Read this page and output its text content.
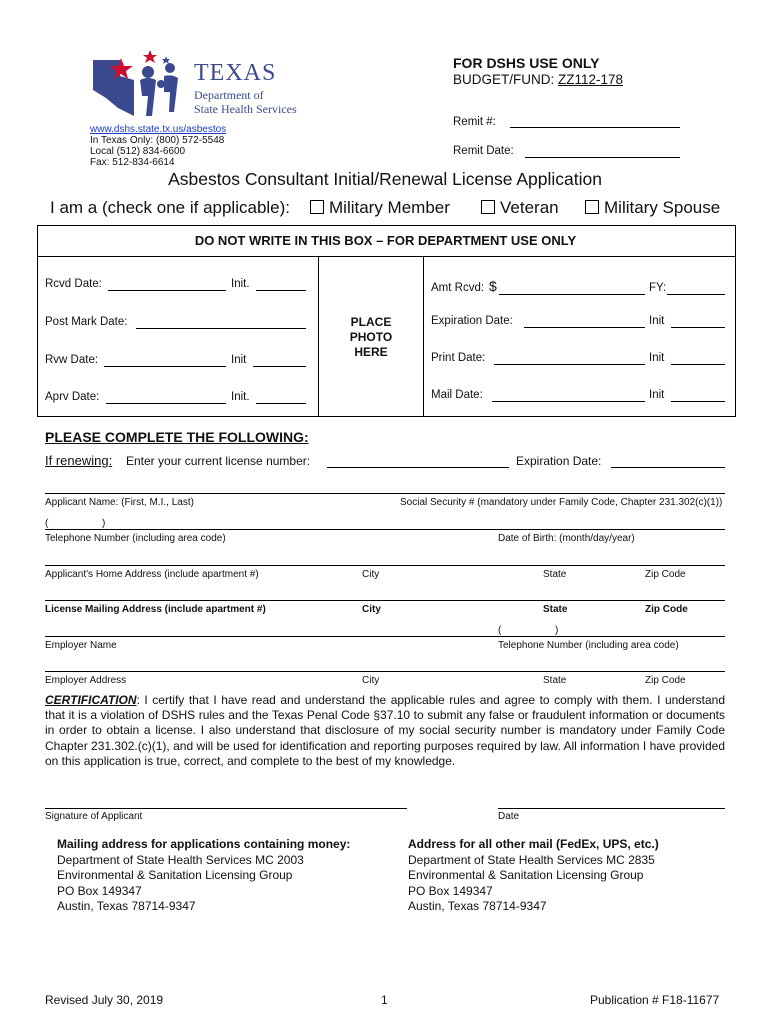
TEXAS
Department of
State Health Services
www.dshs.state.tx.us/asbestos
In Texas Only: (800) 572-5548
Local (512) 834-6600
Fax: 512-834-6614
FOR DSHS USE ONLY
BUDGET/FUND: ZZ112-178
Remit #:
Remit Date:
Asbestos Consultant Initial/Renewal License Application
I am a (check one if applicable):	Military Member	Veteran	Military Spouse
DO NOT WRITE IN THIS BOX – FOR DEPARTMENT USE ONLY
PLACE
PHOTO
HERE
Rcvd Date:	Init.
Post Mark Date:
Rvw Date:	Init
Aprv Date:	Init.
Amt Rcvd: $	FY:
Expiration Date:	Init
Print Date:	Init
Mail Date:	Init
PLEASE COMPLETE THE FOLLOWING:
If renewing: Enter your current license number:	Expiration Date:
Applicant Name: (First, M.I., Last)	Social Security # (mandatory under Family Code, Chapter 231.302(c)(1))
(	)
Telephone Number (including area code)	Date of Birth: (month/day/year)
Applicant's Home Address (include apartment #)	City	State	Zip Code
License Mailing Address (include apartment #)	City	State	Zip Code
(	)
Employer Name	Telephone Number (including area code)
Employer Address	City	State	Zip Code
CERTIFICATION: I certify that I have read and understand the applicable rules and agree to comply with them. I understand that it is a violation of DSHS rules and the Texas Penal Code §37.10 to submit any false or fraudulent information or documents in order to obtain a license. I also understand that disclosure of my social security number is mandatory under Family Code Chapter 231.302.(c)(1), and will be used for identification and reporting purposes required by law. All information I have provided on this application is true, correct, and complete to the best of my knowledge.
Signature of Applicant	Date
Mailing address for applications containing money:
Department of State Health Services MC 2003
Environmental & Sanitation Licensing Group
PO Box 149347
Austin, Texas 78714-9347
Address for all other mail (FedEx, UPS, etc.)
Department of State Health Services MC 2835
Environmental & Sanitation Licensing Group
PO Box 149347
Austin, Texas 78714-9347
Revised July 30, 2019	1	Publication # F18-11677
